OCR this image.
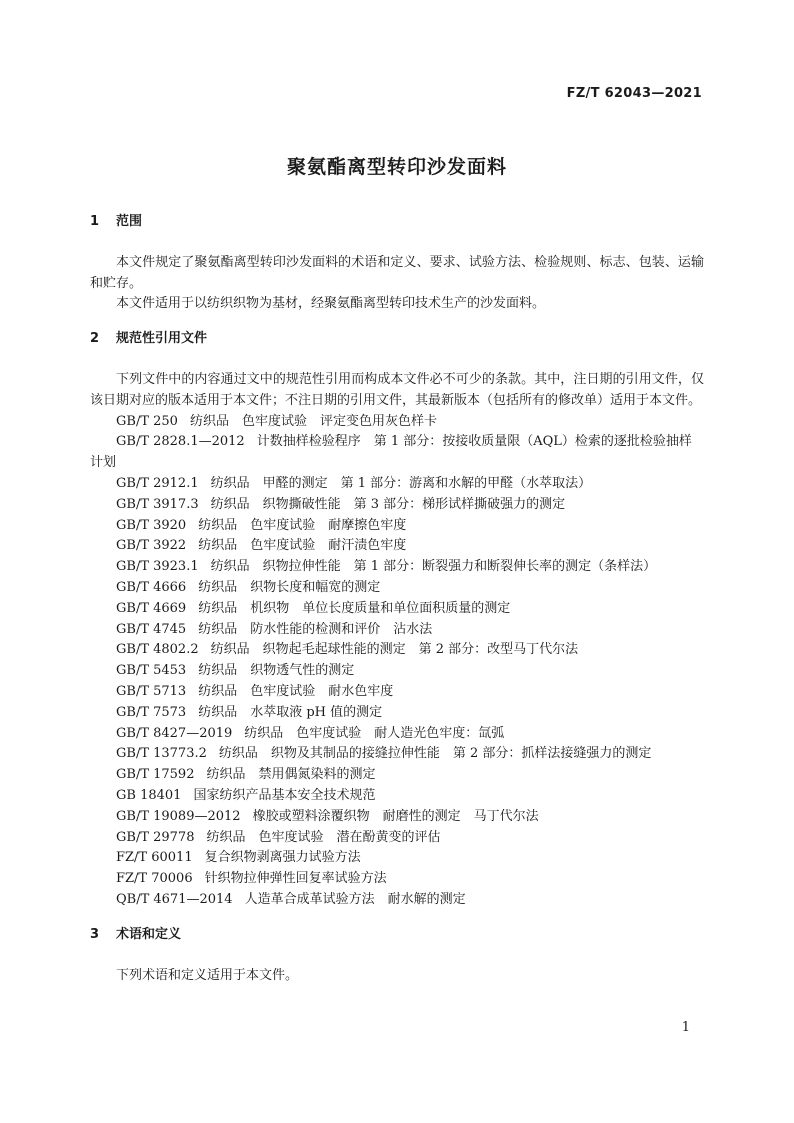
FZ/T 62043—2021
聚氨酯离型转印沙发面料
1 范围

本文件规定了聚氨酯离型转印沙发面料的术语和定义、要求、试验方法、检验规则、标志、包装、运输和贮存。

本文件适用于以纺织织物为基材，经聚氨酯离型转印技术生产的沙发面料。

2 规范性引用文件

下列文件中的内容通过文中的规范性引用而构成本文件必不可少的条款。其中，注日期的引用文件，仅该日期对应的版本适用于本文件；不注日期的引用文件，其最新版本（包括所有的修改单）适用于本文件。

GB/T 250 纺织品　色牢度试验　评定变色用灰色样卡
GB/T 2828.1—2012 计数抽样检验程序　第 1 部分：按接收质量限（AQL）检索的逐批检验抽样计划
GB/T 2912.1 纺织品　甲醛的测定　第 1 部分：游离和水解的甲醛（水萃取法）
GB/T 3917.3 纺织品　织物撕破性能　第 3 部分：梯形试样撕破强力的测定
GB/T 3920 纺织品　色牢度试验　耐摩擦色牢度
GB/T 3922 纺织品　色牢度试验　耐汗渍色牢度
GB/T 3923.1 纺织品　织物拉伸性能　第 1 部分：断裂强力和断裂伸长率的测定（条样法）
GB/T 4666 纺织品　织物长度和幅宽的测定
GB/T 4669 纺织品　机织物　单位长度质量和单位面积质量的测定
GB/T 4745 纺织品　防水性能的检测和评价　沾水法
GB/T 4802.2 纺织品　织物起毛起球性能的测定　第 2 部分：改型马丁代尔法
GB/T 5453 纺织品　织物透气性的测定
GB/T 5713 纺织品　色牢度试验　耐水色牢度
GB/T 7573 纺织品　水萃取液 pH 值的测定
GB/T 8427—2019 纺织品　色牢度试验　耐人造光色牢度：氙弧
GB/T 13773.2 纺织品　织物及其制品的接缝拉伸性能　第 2 部分：抓样法接缝强力的测定
GB/T 17592 纺织品　禁用偶氮染料的测定
GB 18401 国家纺织产品基本安全技术规范
GB/T 19089—2012 橡胶或塑料涂覆织物　耐磨性的测定　马丁代尔法
GB/T 29778 纺织品　色牢度试验　潜在酚黄变的评估
FZ/T 60011 复合织物剥离强力试验方法
FZ/T 70006 针织物拉伸弹性回复率试验方法
QB/T 4671—2014 人造革合成革试验方法　耐水解的测定
3 术语和定义

下列术语和定义适用于本文件。

1
